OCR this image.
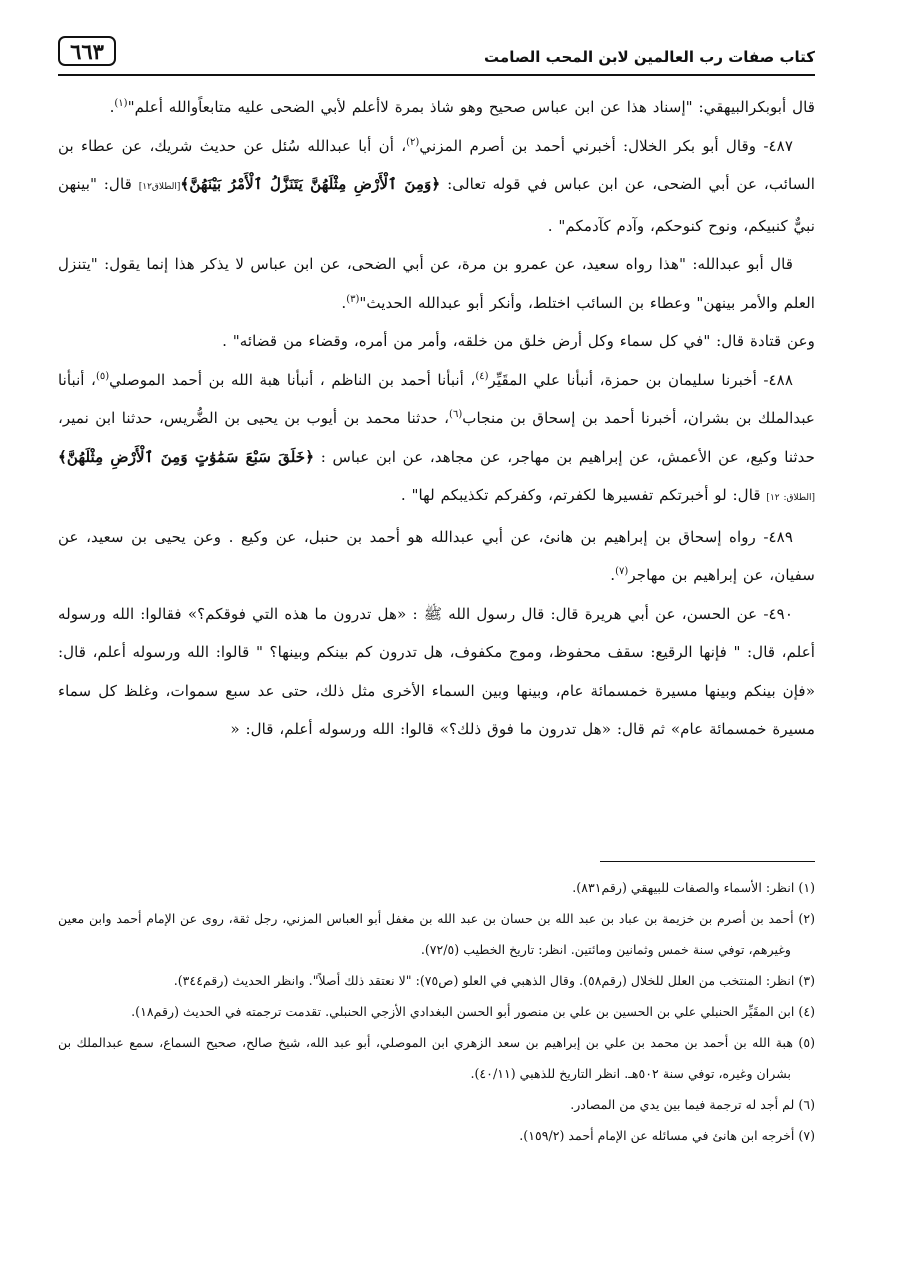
٦٦٣	كتاب صفات رب العالمين لابن المحب الصامت

قال أبوبكرالبيهقي: "إسناد هذا عن ابن عباس صحيح وهو شاذ بمرة لاأعلم لأبي الضحى عليه متابعاًوالله أعلم"$^{(١)}$.

٤٨٧- وقال أبو بكر الخلال: أخبرني أحمد بن أصرم المزني$^{(٢)}$، أن أبا عبدالله سُئل عن حديث شريك، عن عطاء بن السائب، عن أبي الضحى، عن ابن عباس في قوله تعالى: ﴿وَمِنَ ٱلْأَرْضِ مِثْلَهُنَّ يَتَنَزَّلُ ٱلْأَمْرُ بَيْنَهُنَّ﴾[الطلاق١٢] قال: "بينهن نبيٌّ كنبيكم، ونوح كنوحكم، وآدم كآدمكم" .

قال أبو عبدالله: "هذا رواه سعيد، عن عمرو بن مرة، عن أبي الضحى، عن ابن عباس لا يذكر هذا إنما يقول: "يتنزل العلم والأمر بينهن" وعطاء بن السائب اختلط، وأنكر أبو عبدالله الحديث"$^{(٣)}$.

وعن قتادة قال: "في كل سماء وكل أرض خلق من خلقه، وأمر من أمره، وقضاء من قضائه" .

٤٨٨- أخبرنا سليمان بن حمزة، أنبأنا علي المقَيِّر$^{(٤)}$، أنبأنا أحمد بن الناظم ، أنبأنا هبة الله بن أحمد الموصلي$^{(٥)}$، أنبأنا عبدالملك بن بشران، أخبرنا أحمد بن إسحاق بن منجاب$^{(٦)}$، حدثنا محمد بن أيوب بن يحيى بن الضُّريس، حدثنا ابن نمير، حدثنا وكيع، عن الأعمش، عن إبراهيم بن مهاجر، عن مجاهد، عن ابن عباس : ﴿خَلَقَ سَبْعَ سَمَٰوَٰتٍ وَمِنَ ٱلْأَرْضِ مِثْلَهُنَّ﴾[الطلاق: ١٢] قال: لو أخبرتكم تفسيرها لكفرتم، وكفركم تكذيبكم لها" .

٤٨٩- رواه إسحاق بن إبراهيم بن هانئ، عن أبي عبدالله هو أحمد بن حنبل، عن وكيع . وعن يحيى بن سعيد، عن سفيان، عن إبراهيم بن مهاجر$^{(٧)}$.

٤٩٠- عن الحسن، عن أبي هريرة قال: قال رسول الله ﷺ : «هل تدرون ما هذه التي فوقكم؟» فقالوا: الله ورسوله أعلم، قال: " فإنها الرقيع: سقف محفوظ، وموج مكفوف، هل تدرون كم بينكم وبينها؟ " قالوا: الله ورسوله أعلم، قال: «فإن بينكم وبينها مسيرة خمسمائة عام، وبينها وبين السماء الأخرى مثل ذلك، حتى عد سبع سموات، وغلظ كل سماء مسيرة خمسمائة عام» ثم قال: «هل تدرون ما فوق ذلك؟» قالوا: الله ورسوله أعلم، قال: «

(١) انظر: الأسماء والصفات للبيهقي (رقم٨٣١).

(٢) أحمد بن أصرم بن خزيمة بن عباد بن عبد الله بن حسان بن عبد الله بن مغفل أبو العباس المزني، رجل ثقة، روى عن الإمام أحمد وابن معين وغيرهم، توفي سنة خمس وثمانين ومائتين. انظر: تاريخ الخطيب (٧٢/٥).

(٣) انظر: المنتخب من العلل للخلال (رقم٥٨). وقال الذهبي في العلو (ص٧٥): "لا نعتقد ذلك أصلاً". وانظر الحديث (رقم٣٤٤).

(٤) ابن المقَيِّر الحنبلي علي بن الحسين بن علي بن منصور أبو الحسن البغدادي الأزجي الحنبلي. تقدمت ترجمته في الحديث (رقم١٨).

(٥) هبة الله بن أحمد بن محمد بن علي بن إبراهيم بن سعد الزهري ابن الموصلي، أبو عبد الله، شيخ صالح، صحيح السماع، سمع عبدالملك بن بشران وغيره، توفي سنة ٥٠٢هـ. انظر التاريخ للذهبي (٤٠/١١).

(٦) لم أجد له ترجمة فيما بين يدي من المصادر.

(٧) أخرجه ابن هانئ في مسائله عن الإمام أحمد (١٥٩/٢).
